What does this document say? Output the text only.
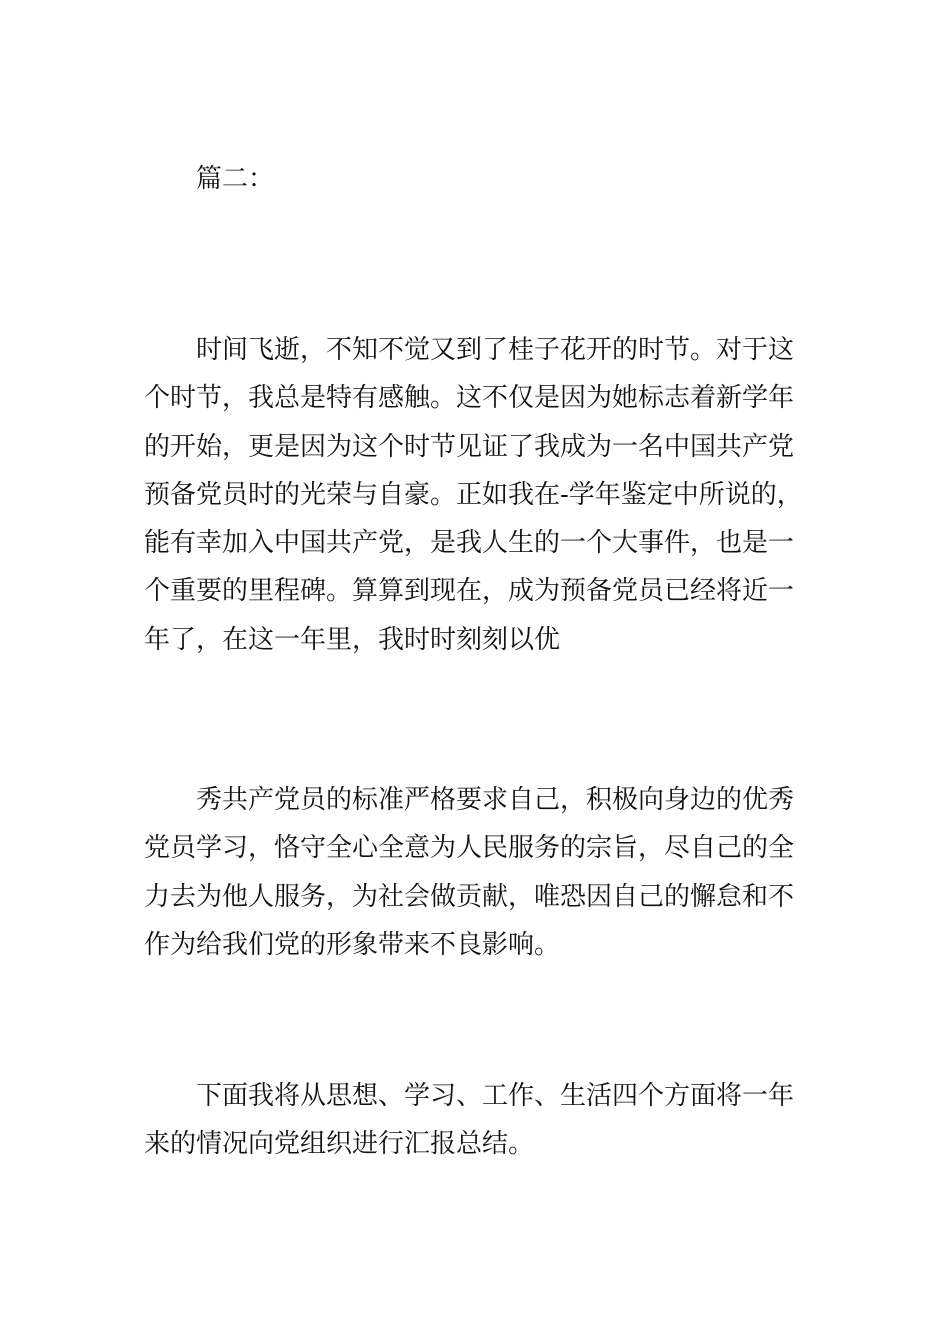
篇二：
时间飞逝，不知不觉又到了桂子花开的时节。对于这
个时节，我总是特有感触。这不仅是因为她标志着新学年
的开始，更是因为这个时节见证了我成为一名中国共产党
预备党员时的光荣与自豪。正如我在-学年鉴定中所说的，
能有幸加入中国共产党，是我人生的一个大事件，也是一
个重要的里程碑。算算到现在，成为预备党员已经将近一
年了，在这一年里，我时时刻刻以优
秀共产党员的标准严格要求自己，积极向身边的优秀
党员学习，恪守全心全意为人民服务的宗旨，尽自己的全
力去为他人服务，为社会做贡献，唯恐因自己的懈怠和不
作为给我们党的形象带来不良影响。
下面我将从思想、学习、工作、生活四个方面将一年
来的情况向党组织进行汇报总结。
